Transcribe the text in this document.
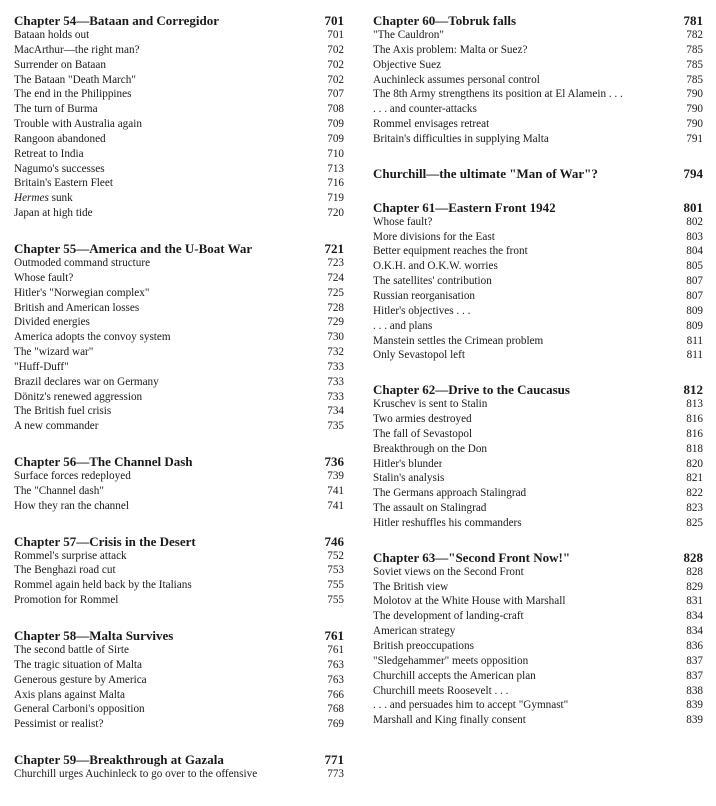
Chapter 54—Bataan and Corregidor	701
Bataan holds out	701
MacArthur—the right man?	702
Surrender on Bataan	702
The Bataan "Death March"	702
The end in the Philippines	707
The turn of Burma	708
Trouble with Australia again	709
Rangoon abandoned	709
Retreat to India	710
Nagumo's successes	713
Britain's Eastern Fleet	716
Hermes sunk	719
Japan at high tide	720
Chapter 55—America and the U-Boat War	721
Outmoded command structure	723
Whose fault?	724
Hitler's "Norwegian complex"	725
British and American losses	728
Divided energies	729
America adopts the convoy system	730
The "wizard war"	732
"Huff-Duff"	733
Brazil declares war on Germany	733
Dönitz's renewed aggression	733
The British fuel crisis	734
A new commander	735
Chapter 56—The Channel Dash	736
Surface forces redeployed	739
The "Channel dash"	741
How they ran the channel	741
Chapter 57—Crisis in the Desert	746
Rommel's surprise attack	752
The Benghazi road cut	753
Rommel again held back by the Italians	755
Promotion for Rommel	755
Chapter 58—Malta Survives	761
The second battle of Sirte	761
The tragic situation of Malta	763
Generous gesture by America	763
Axis plans against Malta	766
General Carboni's opposition	768
Pessimist or realist?	769
Chapter 59—Breakthrough at Gazala	771
Churchill urges Auchinleck to go over to the offensive	773
Chapter 60—Tobruk falls	781
"The Cauldron"	782
The Axis problem: Malta or Suez?	785
Objective Suez	785
Auchinleck assumes personal control	785
The 8th Army strengthens its position at El Alamein . . .	790
. . . and counter-attacks	790
Rommel envisages retreat	790
Britain's difficulties in supplying Malta	791
Churchill—the ultimate "Man of War"?	794
Chapter 61—Eastern Front 1942	801
Whose fault?	802
More divisions for the East	803
Better equipment reaches the front	804
O.K.H. and O.K.W. worries	805
The satellites' contribution	807
Russian reorganisation	807
Hitler's objectives . . .	809
. . . and plans	809
Manstein settles the Crimean problem	811
Only Sevastopol left	811
Chapter 62—Drive to the Caucasus	812
Kruschev is sent to Stalin	813
Two armies destroyed	816
The fall of Sevastopol	816
Breakthrough on the Don	818
Hitler's blunder	820
Stalin's analysis	821
The Germans approach Stalingrad	822
The assault on Stalingrad	823
Hitler reshuffles his commanders	825
Chapter 63—"Second Front Now!"	828
Soviet views on the Second Front	828
The British view	829
Molotov at the White House with Marshall	831
The development of landing-craft	834
American strategy	834
British preoccupations	836
"Sledgehammer" meets opposition	837
Churchill accepts the American plan	837
Churchill meets Roosevelt . . .	838
. . . and persuades him to accept "Gymnast"	839
Marshall and King finally consent	839
